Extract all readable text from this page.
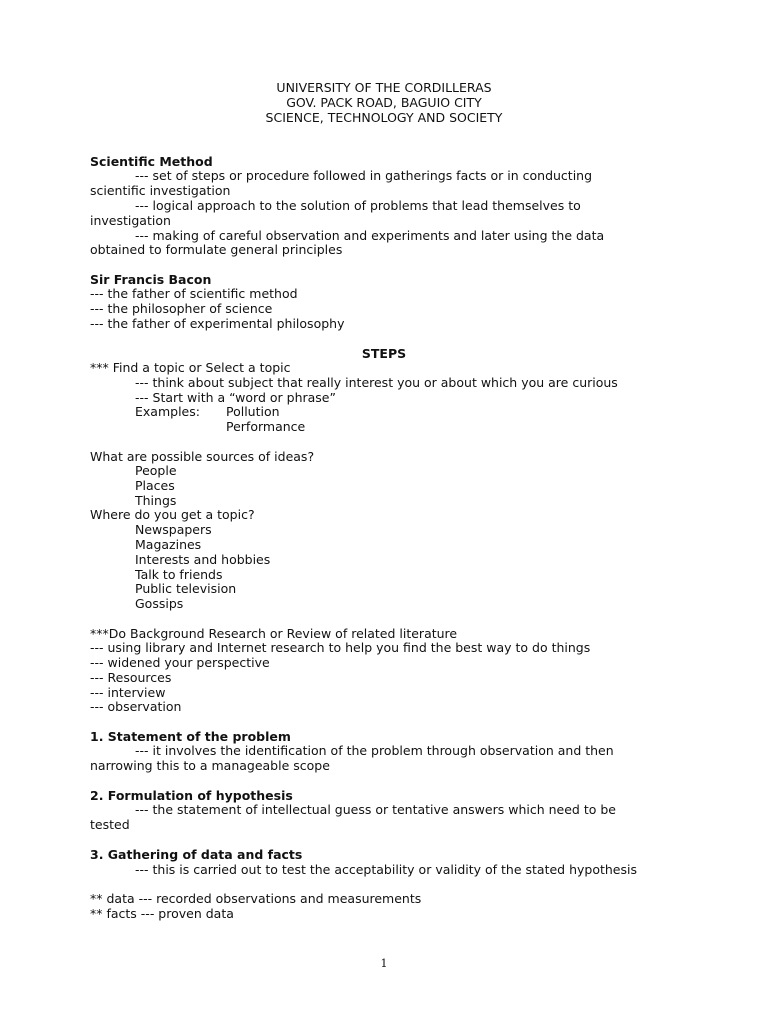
UNIVERSITY OF THE CORDILLERAS
GOV. PACK ROAD, BAGUIO CITY
SCIENCE, TECHNOLOGY AND SOCIETY
Scientific Method
--- set of steps or procedure followed in gatherings facts or in conducting
scientific investigation
--- logical approach to the solution of problems that lead themselves to
investigation
--- making of careful observation and experiments and later using the data
obtained to formulate general principles
Sir Francis Bacon
--- the father of scientific method
--- the philosopher of science
--- the father of experimental philosophy
STEPS
*** Find a topic or Select a topic
--- think about subject that really interest you or about which you are curious
--- Start with a “word or phrase”
Examples: Pollution
Performance
What are possible sources of ideas?
People
Places
Things
Where do you get a topic?
Newspapers
Magazines
Interests and hobbies
Talk to friends
Public television
Gossips
***Do Background Research or Review of related literature
--- using library and Internet research to help you find the best way to do things
--- widened your perspective
--- Resources
--- interview
--- observation
1. Statement of the problem
--- it involves the identification of the problem through observation and then
narrowing this to a manageable scope
2. Formulation of hypothesis
--- the statement of intellectual guess or tentative answers which need to be
tested
3. Gathering of data and facts
--- this is carried out to test the acceptability or validity of the stated hypothesis
** data --- recorded observations and measurements
** facts --- proven data
1
